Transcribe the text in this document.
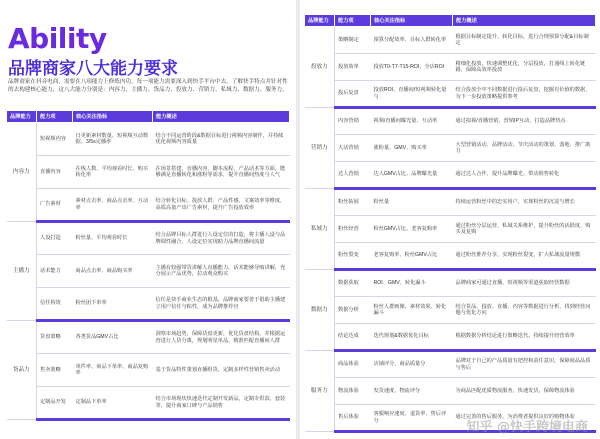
Ability
品牌商家八大能力要求
品牌商家在抖音电商，需要在八项能力上修炼内功。每一项能力需要深入到快手平台中去，了解快手特点并针对性的去构建核心能力，这八大能力分别是：内容力、主播力、货品力、投放力、营销力、私域力、数据力、服务力。
品牌能力	能力项	核心关注指标	能力概述
内容力	短视频内容	日更新素材数量、短视频互动数据、3/5s完播率	结合不同运营阶段&数据目标进行视频内容制作，并持续优化视频内容质量
	直播内容	在线人数、平均观看时长、购买转化率	在场景搭建、直播内容、脚本流程、产品话术等方面，能够满足直播转化和涨粉等需求，提升直播间热度与人气
	广告素材	素材点击率、商品点击率、互动率	结合转化目标、投放人群、产品性感、文案效率等维度，高质高量产出广告素材，提升广告投放效率
主播力	人设打造	粉丝量、平均观看时长	结合品牌目标人群进行人设定位的打造，将主播人设与品牌调性融合，人设定位实现助力品牌直播间流量
	话术能力	商品点击率、商品购买率	主播有较强带货讲解人直播能力，话术能够导购讲解，充分展示产品优势，拉动观众购买
	信任构筑	粉丝团下单率	信任是快手商业生态的根基，品牌商家要善于借助主播建立用户信任与粘性，成为品牌推荐官
货品力	货盘策略	各类货品GMV占比	洞察市场趋势，保障货盘更新，优化货盘结构，并根据运营进行人货分离，规划明星单品，精准匹配直播间人群
	售卖策略	单件率、商品下单率、商品复购率	基于货品特性策划直播组货，定制多样性营销售卖活动
	定制品开发	定制品下单率	结合市场现状快速迭代定制开发新品，定制专供款、套装等，提升商家口碑与产品销售
品牌能力	能力项	核心关注指标	能力概述
投放力	策略制定	预算分配效率、目标人群转化率	根据目标制定提升、转化目标，进行合理预算分配&目标制定
	投放效率	投放T0-T7-T15-ROI、全店ROI	精细化投放，快速调整优化，分层投放，打通线上转化链路，保障高效率投放
	投后复盘	投放ROI、直播间/短视频转化量与	结合投放全中不同数据进行投后复盘，挖掘有价值的数据，为下一步投放策略提供参考
营销力	内容营销	视频/直播间曝光量、互动率	通过拟视/直播营销，营销IP互动，打造品牌热点
	大活营销	涨粉量、GMV、购买率	大型营销活动、品牌活动、节庆活动的策划、落地、推广助力
	达人营销	达人GMV占比、品牌曝光量	通过达人合作，提升品牌曝光、带动销售转化
私域力	粉丝拓展	粉丝量	持续运营粉丝中的忠实用户，实现粉丝的沉淀与增长
	粉丝经营	粉丝GMV占比、老客复购率	通过粉丝分层运营、私域关系维护，提升粉丝的活跃度、购买及复购
	粉丝裂变	老客复购率、粉丝GMV占比	通过粉丝推荐分享，实现粉丝裂变，扩大私域流量规模
数据力	数据获取	ROI、GMV、转化漏斗	品牌商家可通过直播、短视频等渠道获取经营数据
	数据分析	粉丝人群画像、素材效果、转化漏斗	结合货品、投放、直播、内容等数据进行分析，找到经营问题与优化方向
	结论达成	迭代规划&数据优化目标	根据数据分析结论进行策略迭代，持续提升经营效率
服务力	商品体验	店铺评分、商品质量分	品牌对于自己的产品质量有把控和责任意识，保障商品品质与售后
	物流体验	发货速度、物流评分	为商品匹配优质物流服务，快速发货，保障物流体验
	售后体验	客服响应速度、退货率、售后评分	通过完善的售后服务，为消费者提供良好的购物体验
知乎 @快手跨境电商
